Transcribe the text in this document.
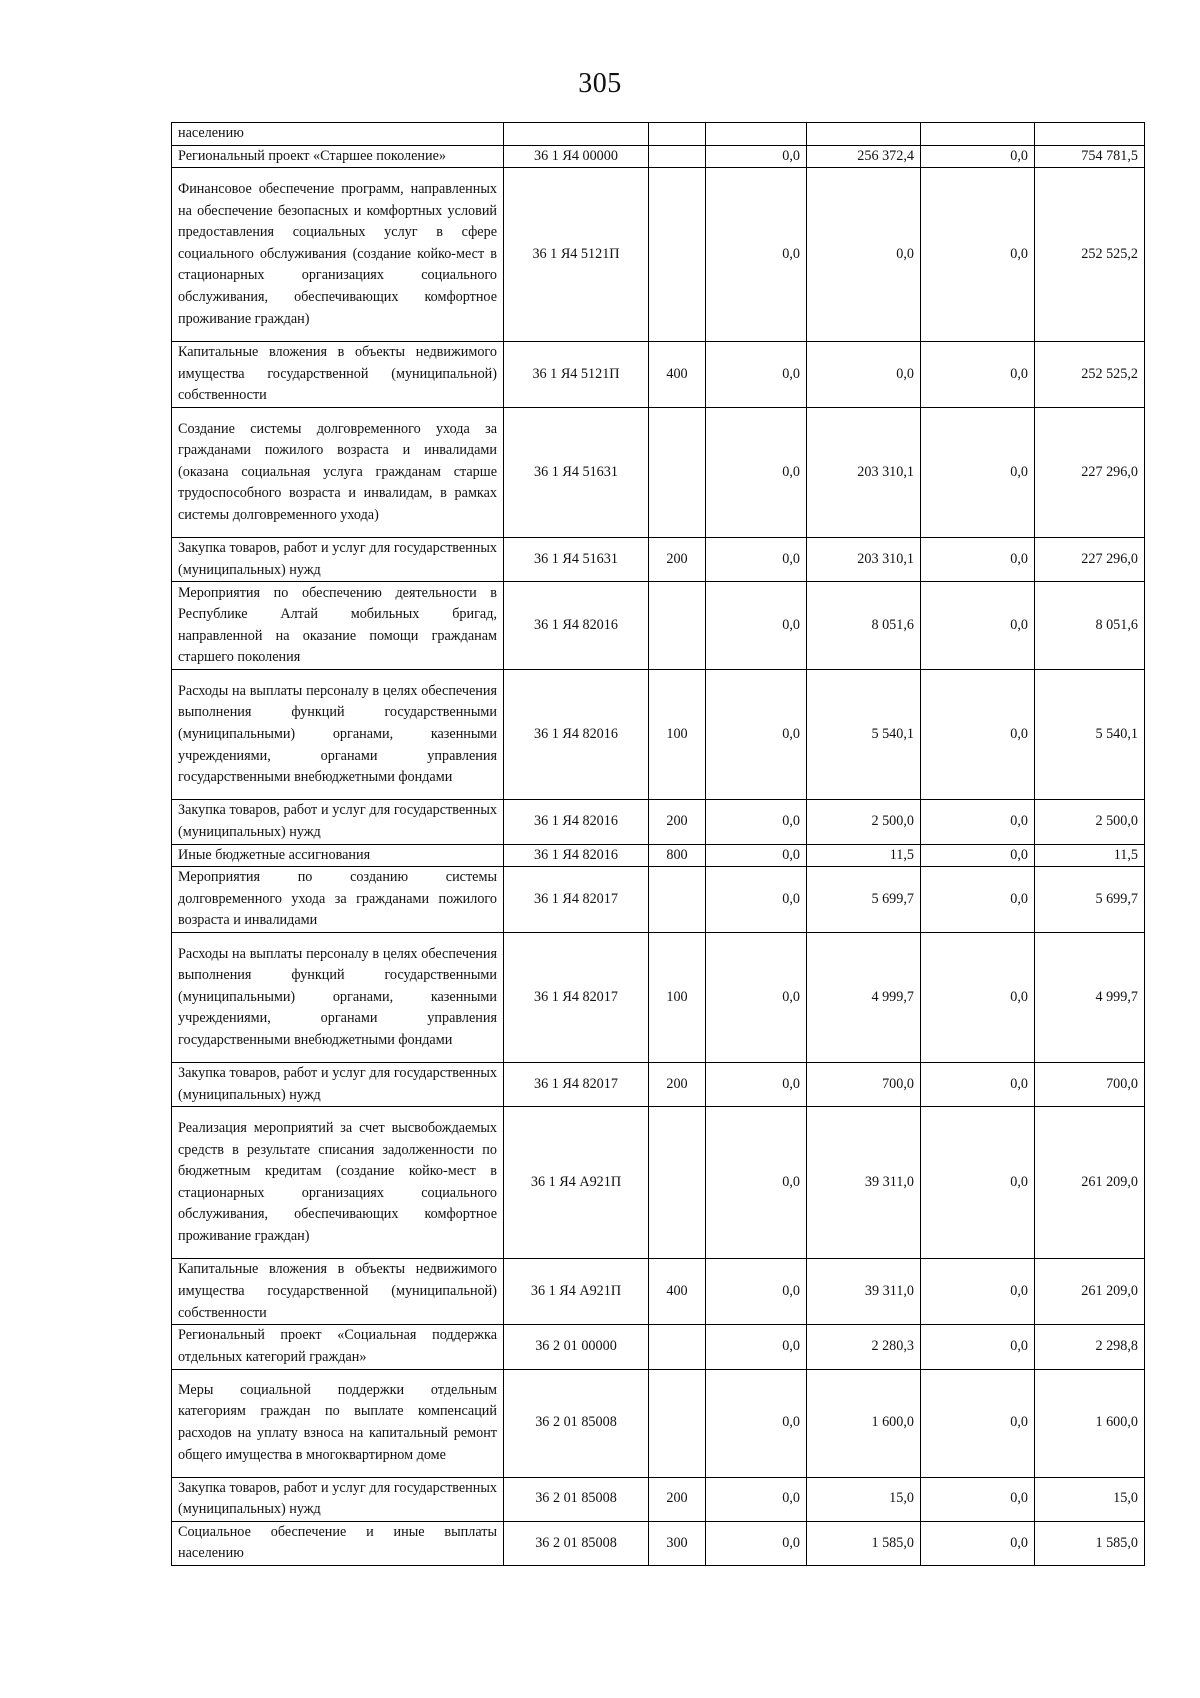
305
населению						
Региональный проект «Старшее поколение»	36 1 Я4 00000		0,0	256 372,4	0,0	754 781,5
Финансовое обеспечение программ, направленных на обеспечение безопасных и комфортных условий предоставления социальных услуг в сфере социального обслуживания (создание койко-мест в стационарных организациях социального обслуживания, обеспечивающих комфортное проживание граждан)	36 1 Я4 5121П		0,0	0,0	0,0	252 525,2
Капитальные вложения в объекты недвижимого имущества государственной (муниципальной) собственности	36 1 Я4 5121П	400	0,0	0,0	0,0	252 525,2
Создание системы долговременного ухода за гражданами пожилого возраста и инвалидами (оказана социальная услуга гражданам старше трудоспособного возраста и инвалидам, в рамках системы долговременного ухода)	36 1 Я4 51631		0,0	203 310,1	0,0	227 296,0
Закупка товаров, работ и услуг для государственных (муниципальных) нужд	36 1 Я4 51631	200	0,0	203 310,1	0,0	227 296,0
Мероприятия по обеспечению деятельности в Республике Алтай мобильных бригад, направленной на оказание помощи гражданам старшего поколения	36 1 Я4 82016		0,0	8 051,6	0,0	8 051,6
Расходы на выплаты персоналу в целях обеспечения выполнения функций государственными (муниципальными) органами, казенными учреждениями, органами управления государственными внебюджетными фондами	36 1 Я4 82016	100	0,0	5 540,1	0,0	5 540,1
Закупка товаров, работ и услуг для государственных (муниципальных) нужд	36 1 Я4 82016	200	0,0	2 500,0	0,0	2 500,0
Иные бюджетные ассигнования	36 1 Я4 82016	800	0,0	11,5	0,0	11,5
Мероприятия по созданию системы долговременного ухода за гражданами пожилого возраста и инвалидами	36 1 Я4 82017		0,0	5 699,7	0,0	5 699,7
Расходы на выплаты персоналу в целях обеспечения выполнения функций государственными (муниципальными) органами, казенными учреждениями, органами управления государственными внебюджетными фондами	36 1 Я4 82017	100	0,0	4 999,7	0,0	4 999,7
Закупка товаров, работ и услуг для государственных (муниципальных) нужд	36 1 Я4 82017	200	0,0	700,0	0,0	700,0
Реализация мероприятий за счет высвобождаемых средств в результате списания задолженности по бюджетным кредитам (создание койко-мест в стационарных организациях социального обслуживания, обеспечивающих комфортное проживание граждан)	36 1 Я4 А921П		0,0	39 311,0	0,0	261 209,0
Капитальные вложения в объекты недвижимого имущества государственной (муниципальной) собственности	36 1 Я4 А921П	400	0,0	39 311,0	0,0	261 209,0
Региональный проект «Социальная поддержка отдельных категорий граждан»	36 2 01 00000		0,0	2 280,3	0,0	2 298,8
Меры социальной поддержки отдельным категориям граждан по выплате компенсаций расходов на уплату взноса на капитальный ремонт общего имущества в многоквартирном доме	36 2 01 85008		0,0	1 600,0	0,0	1 600,0
Закупка товаров, работ и услуг для государственных (муниципальных) нужд	36 2 01 85008	200	0,0	15,0	0,0	15,0
Социальное обеспечение и иные выплаты населению	36 2 01 85008	300	0,0	1 585,0	0,0	1 585,0
